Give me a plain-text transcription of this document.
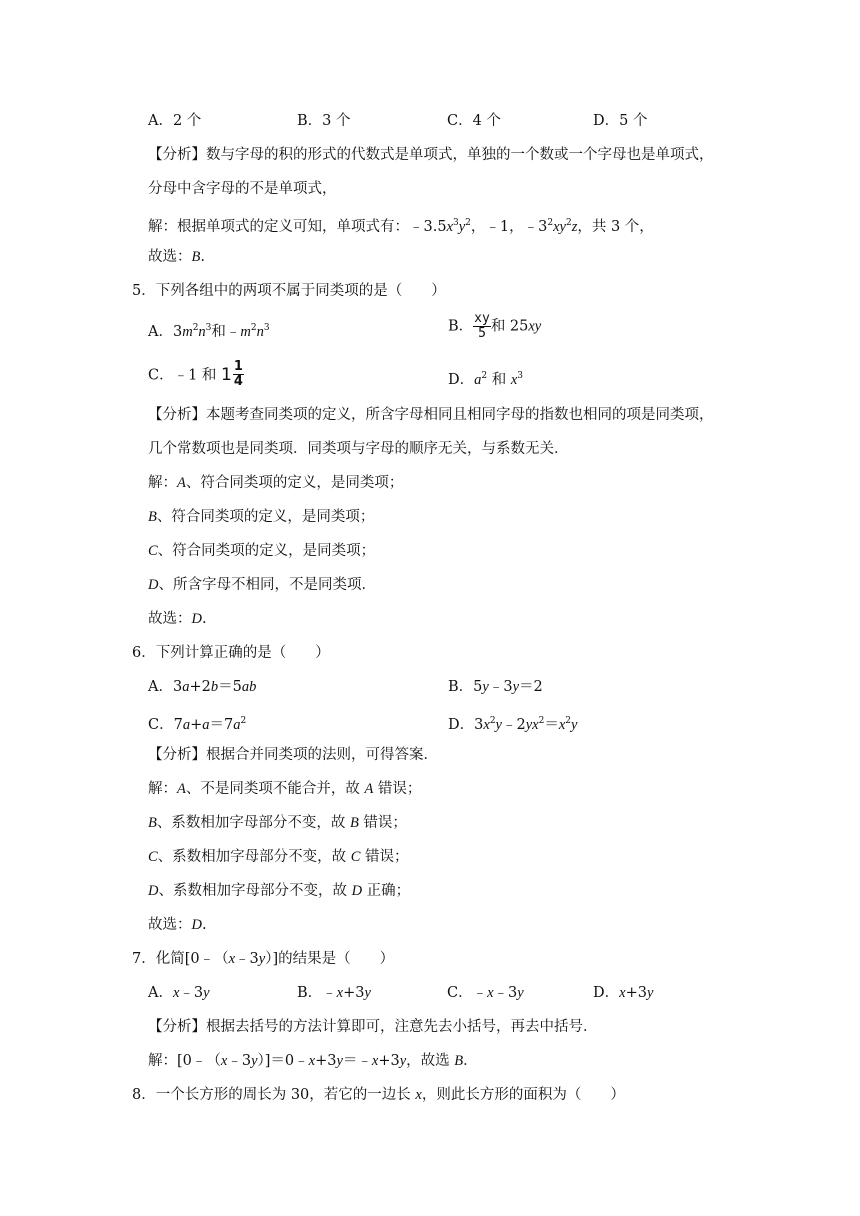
A．2 个	B．3 个	C．4 个	D．5 个
【分析】数与字母的积的形式的代数式是单项式，单独的一个数或一个字母也是单项式，
分母中含字母的不是单项式，
解：根据单项式的定义可知，单项式有：$﹣3.5x^3y^2$，﹣1，$﹣3^2xy^2z$，共 3 个，
故选：B.
5．下列各组中的两项不属于同类项的是（　　）
A．$3m^2n^3$和$﹣m^2n^3$	B． $\frac{xy}{5}$ 和 25xy
C．﹣1 和 $1 \frac{1}{4}$	D．$a^2$ 和 $x^3$
【分析】本题考查同类项的定义，所含字母相同且相同字母的指数也相同的项是同类项，
几个常数项也是同类项．同类项与字母的顺序无关，与系数无关．
解：A、符合同类项的定义，是同类项；
B、符合同类项的定义，是同类项；
C、符合同类项的定义，是同类项；
D、所含字母不相同，不是同类项．
故选：D.
6．下列计算正确的是（　　）
A．3a+2b＝5ab	B．5y﹣3y＝2
C．$7a+a=7a^2$	D．$3x^2y﹣2yx^2=x^2y$
【分析】根据合并同类项的法则，可得答案．
解：A、不是同类项不能合并，故 A 错误；
B、系数相加字母部分不变，故 B 错误；
C、系数相加字母部分不变，故 C 错误；
D、系数相加字母部分不变，故 D 正确；
故选：D.
7．化简[0﹣（x﹣3y）]的结果是（　　）
A．x﹣3y	B．﹣x+3y	C．﹣x﹣3y	D．x+3y
【分析】根据去括号的方法计算即可，注意先去小括号，再去中括号．
解：[0﹣（x﹣3y）]＝0﹣x+3y＝﹣x+3y，故选 B．
8．一个长方形的周长为 30，若它的一边长 x，则此长方形的面积为（　　）
